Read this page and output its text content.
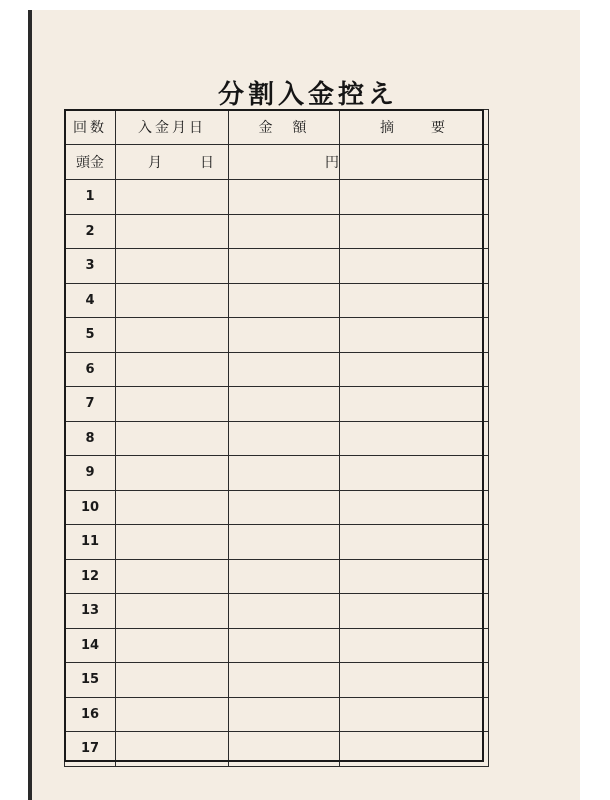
分割入金控え
回数	入金月日	金　額	摘　　要
頭金	月 日	円	
1			
2			
3			
4			
5			
6			
7			
8			
9			
10			
11			
12			
13			
14			
15			
16			
17			
